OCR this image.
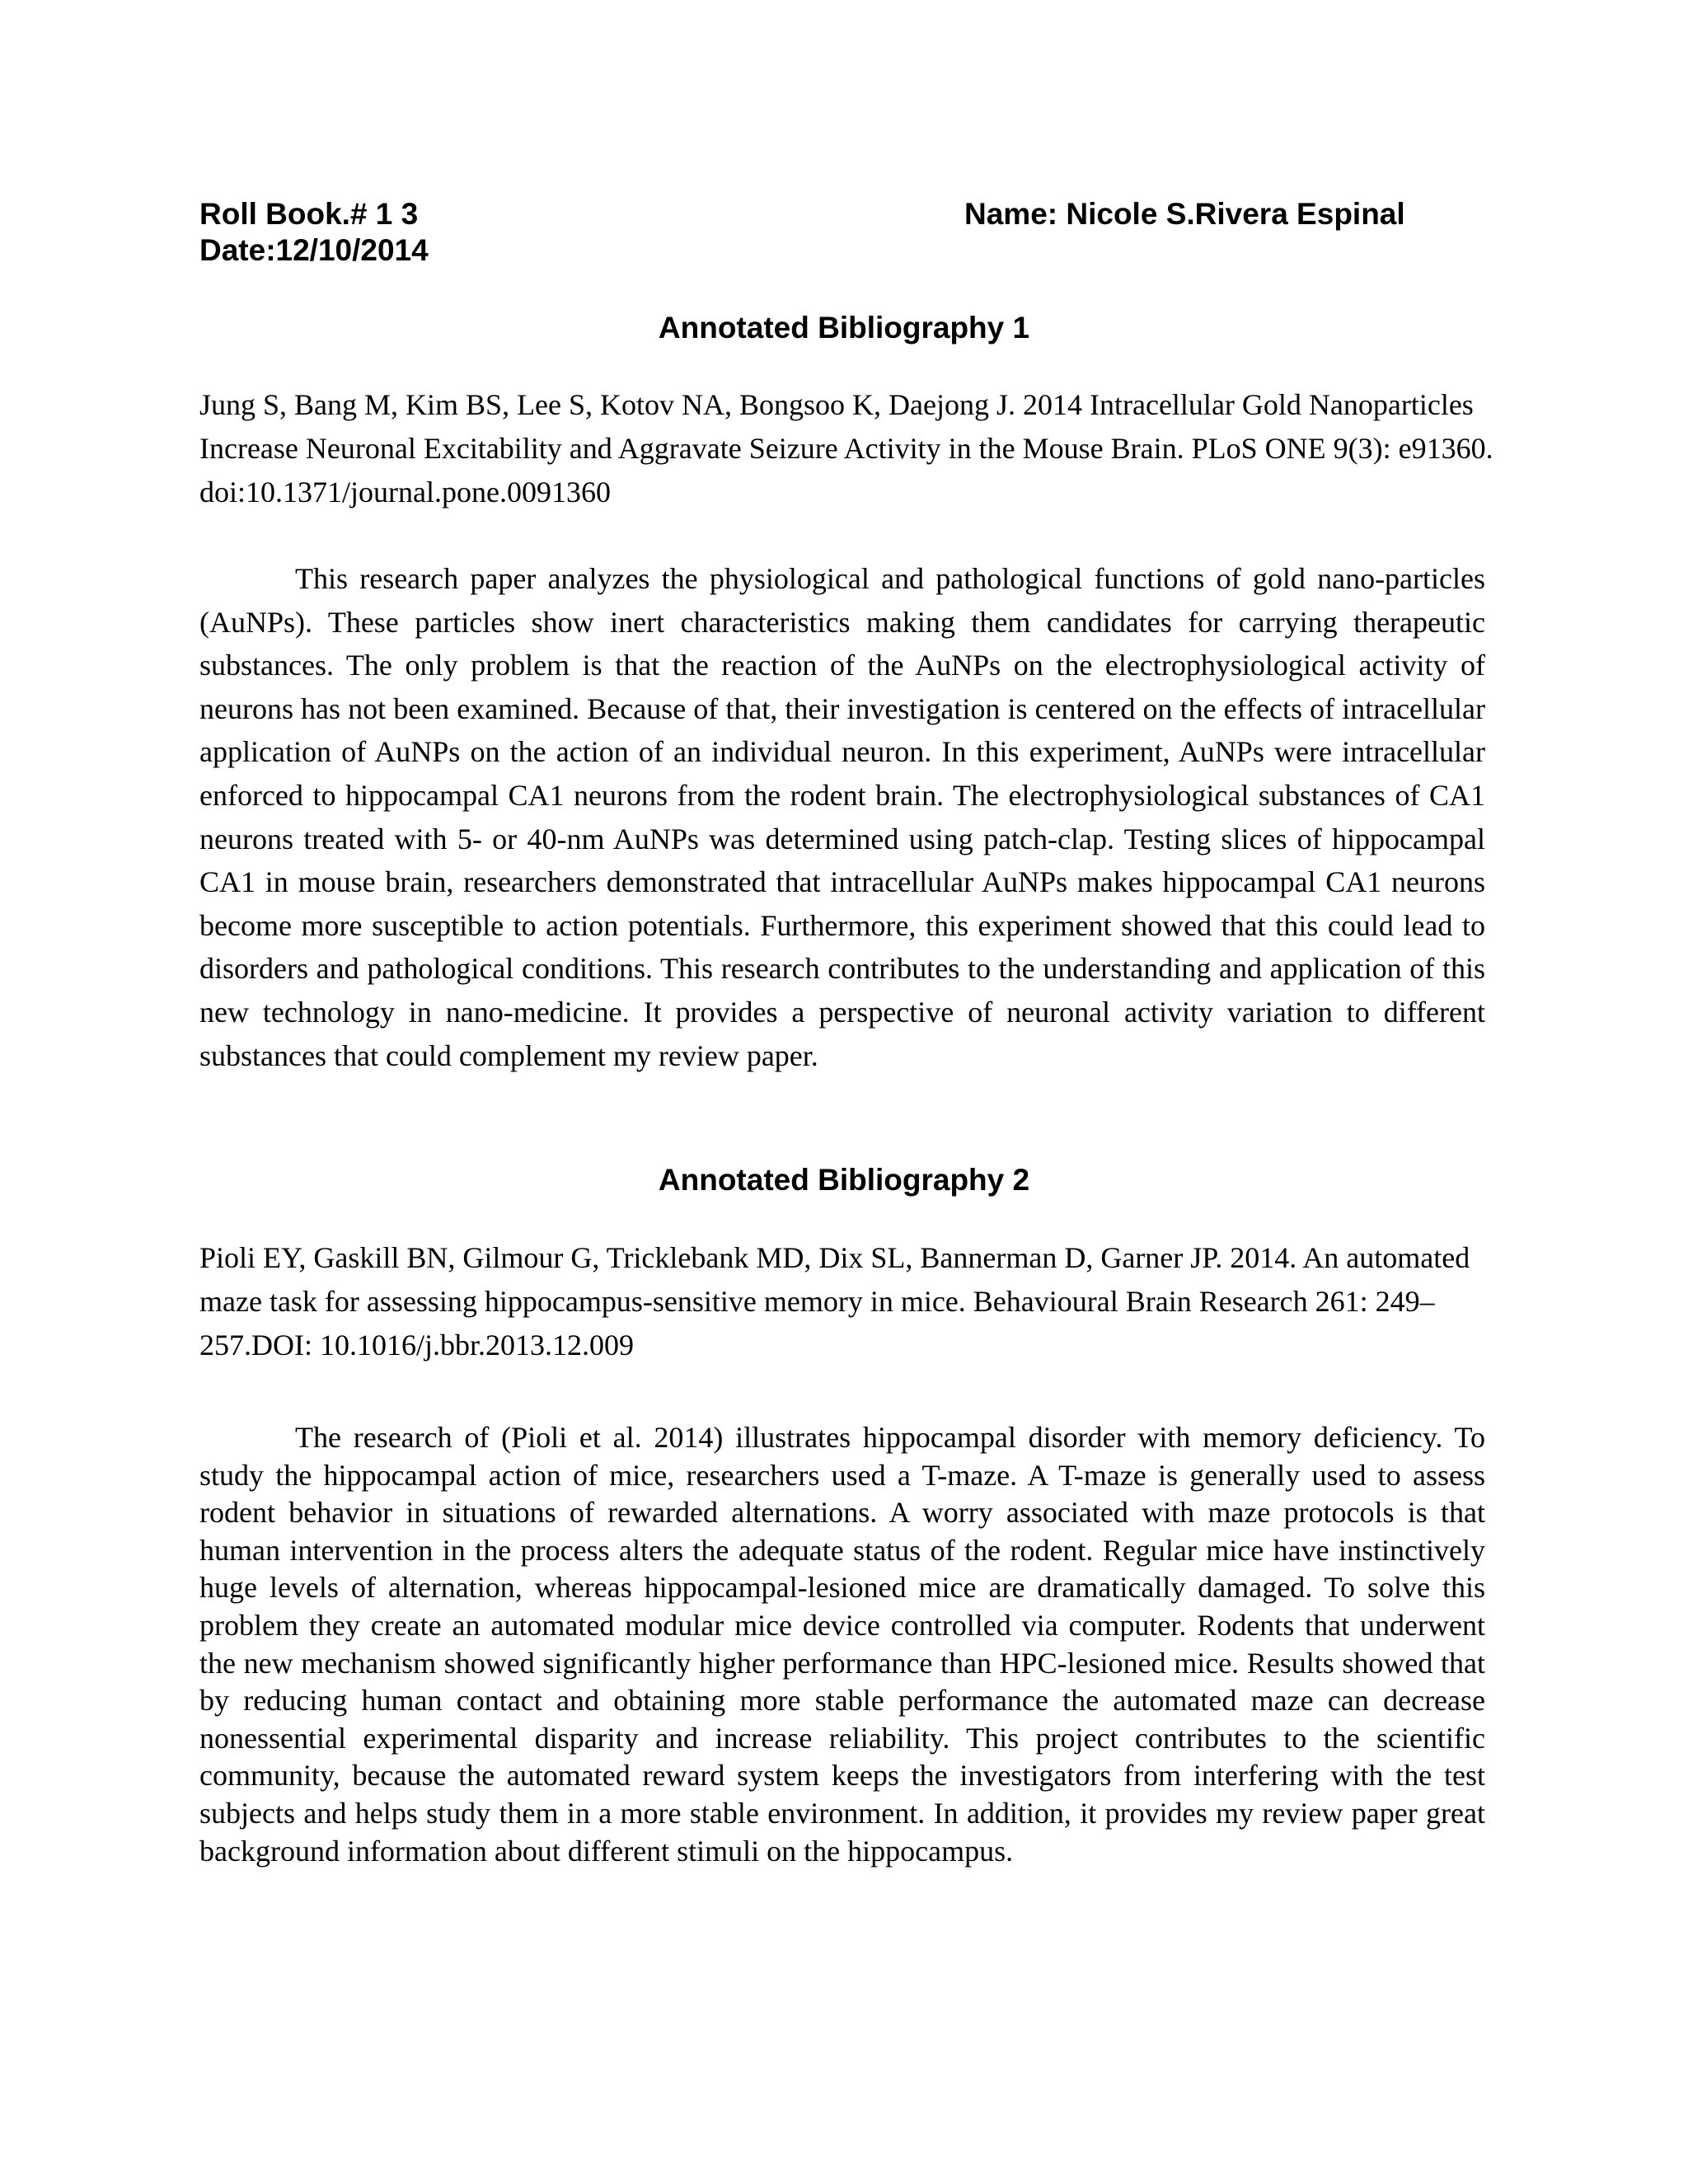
Roll Book.# 1 3	Name: Nicole S.Rivera Espinal
Date:12/10/2014
Annotated Bibliography 1
Jung S, Bang M, Kim BS, Lee S, Kotov NA, Bongsoo K, Daejong J. 2014 Intracellular Gold Nanoparticles Increase Neuronal Excitability and Aggravate Seizure Activity in the Mouse Brain. PLoS ONE 9(3): e91360. doi:10.1371/journal.pone.0091360

This research paper analyzes the physiological and pathological functions of gold nano-particles (AuNPs). These particles show inert characteristics making them candidates for carrying therapeutic substances. The only problem is that the reaction of the AuNPs on the electrophysiological activity of neurons has not been examined. Because of that, their investigation is centered on the effects of intracellular application of AuNPs on the action of an individual neuron. In this experiment, AuNPs were intracellular enforced to hippocampal CA1 neurons from the rodent brain. The electrophysiological substances of CA1 neurons treated with 5- or 40-nm AuNPs was determined using patch-clap. Testing slices of hippocampal CA1 in mouse brain, researchers demonstrated that intracellular AuNPs makes hippocampal CA1 neurons become more susceptible to action potentials. Furthermore, this experiment showed that this could lead to disorders and pathological conditions. This research contributes to the understanding and application of this new technology in nano-medicine. It provides a perspective of neuronal activity variation to different substances that could complement my review paper.

Annotated Bibliography 2
Pioli EY, Gaskill BN, Gilmour G, Tricklebank MD, Dix SL, Bannerman D, Garner JP. 2014. An automated maze task for assessing hippocampus-sensitive memory in mice. Behavioural Brain Research 261: 249–257.DOI: 10.1016/j.bbr.2013.12.009

The research of (Pioli et al. 2014) illustrates hippocampal disorder with memory deficiency. To study the hippocampal action of mice, researchers used a T-maze. A T-maze is generally used to assess rodent behavior in situations of rewarded alternations. A worry associated with maze protocols is that human intervention in the process alters the adequate status of the rodent. Regular mice have instinctively huge levels of alternation, whereas hippocampal-lesioned mice are dramatically damaged. To solve this problem they create an automated modular mice device controlled via computer. Rodents that underwent the new mechanism showed significantly higher performance than HPC-lesioned mice. Results showed that by reducing human contact and obtaining more stable performance the automated maze can decrease nonessential experimental disparity and increase reliability. This project contributes to the scientific community, because the automated reward system keeps the investigators from interfering with the test subjects and helps study them in a more stable environment. In addition, it provides my review paper great background information about different stimuli on the hippocampus.
